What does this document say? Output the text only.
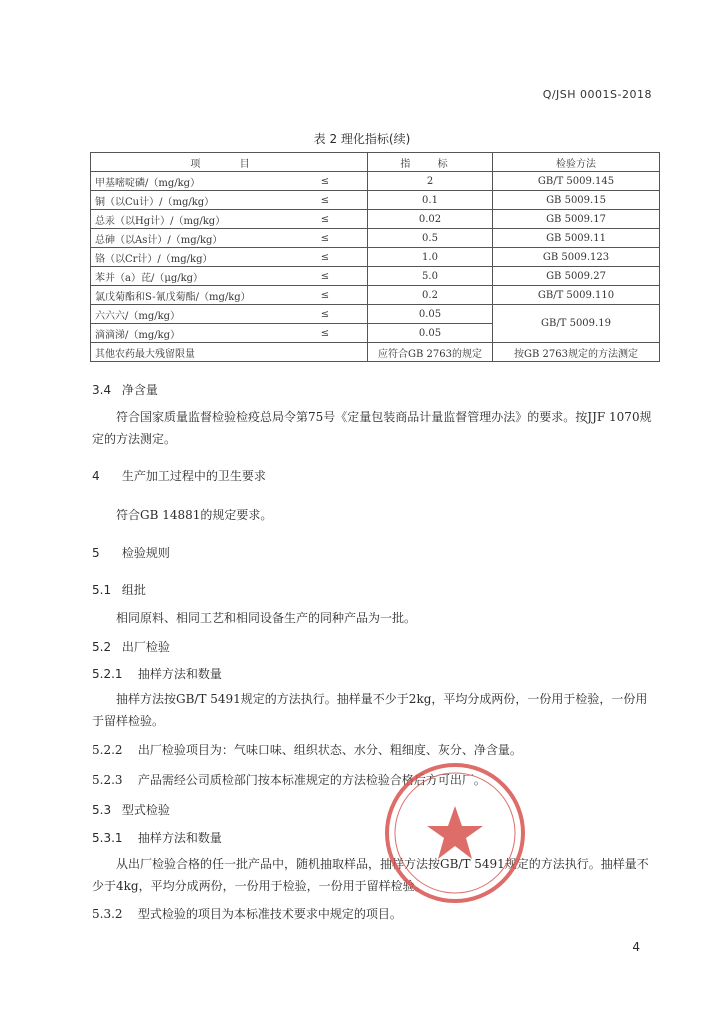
Q/JSH 0001S-2018
表 2 理化指标(续)
项 目		指 标	检验方法
甲基嘧啶磷/（mg/kg）	≤	2	GB/T 5009.145
铜（以Cu计）/（mg/kg）	≤	0.1	GB 5009.15
总汞（以Hg计）/（mg/kg）	≤	0.02	GB 5009.17
总砷（以As计）/（mg/kg）	≤	0.5	GB 5009.11
铬（以Cr计）/（mg/kg）	≤	1.0	GB 5009.123
苯并（a）芘/（μg/kg）	≤	5.0	GB 5009.27
氯戊菊酯和S-氰戊菊酯/（mg/kg）	≤	0.2	GB/T 5009.110
六六六/（mg/kg）	≤	0.05	GB/T 5009.19
滴滴涕/（mg/kg）	≤	0.05	
其他农药最大残留限量		应符合GB 2763的规定	按GB 2763规定的方法测定
3.4 净含量
符合国家质量监督检验检疫总局令第75号《定量包装商品计量监督管理办法》的要求。按JJF 1070规定的方法测定。
4 生产加工过程中的卫生要求
符合GB 14881的规定要求。
5 检验规则
5.1 组批
相同原料、相同工艺和相同设备生产的同种产品为一批。
5.2 出厂检验
5.2.1 抽样方法和数量
抽样方法按GB/T 5491规定的方法执行。抽样量不少于2kg，平均分成两份，一份用于检验，一份用于留样检验。
5.2.2 出厂检验项目为：气味口味、组织状态、水分、粗细度、灰分、净含量。
5.2.3 产品需经公司质检部门按本标准规定的方法检验合格后方可出厂。
5.3 型式检验
5.3.1 抽样方法和数量
从出厂检验合格的任一批产品中，随机抽取样品，抽样方法按GB/T 5491规定的方法执行。抽样量不少于4kg，平均分成两份，一份用于检验，一份用于留样检验。
5.3.2 型式检验的项目为本标准技术要求中规定的项目。
4
